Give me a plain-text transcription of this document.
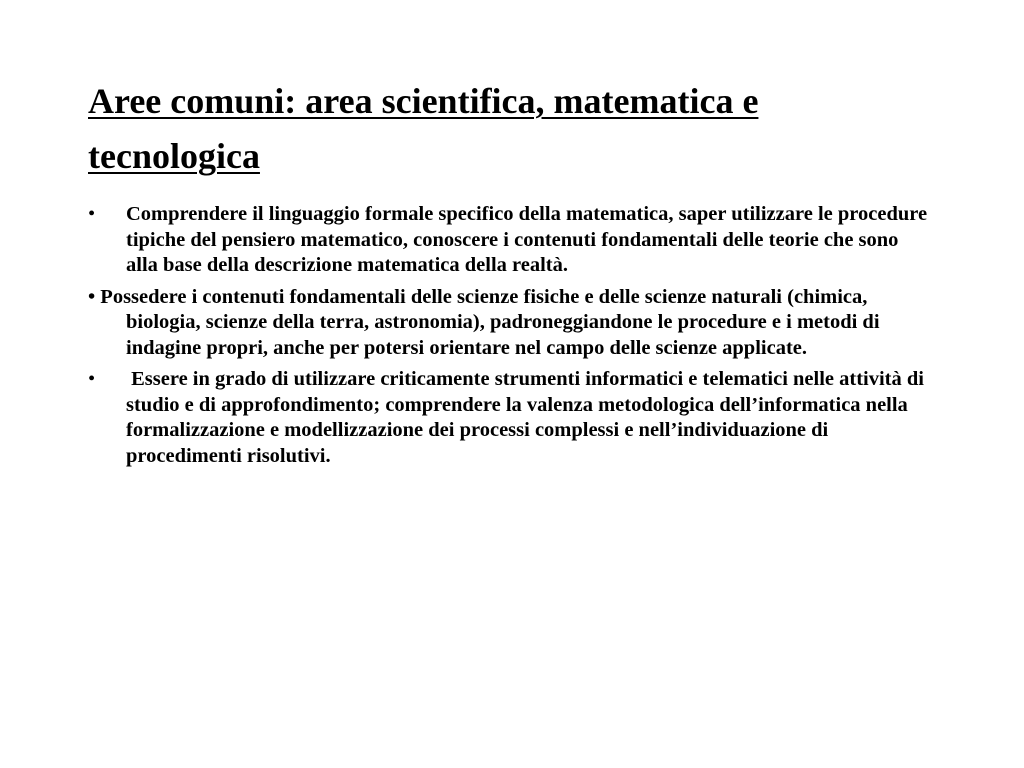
Aree comuni: area scientifica, matematica e tecnologica
• Comprendere il linguaggio formale specifico della matematica, saper utilizzare le procedure tipiche del pensiero matematico, conoscere i contenuti fondamentali delle teorie che sono alla base della descrizione matematica della realtà.
• Possedere i contenuti fondamentali delle scienze fisiche e delle scienze naturali (chimica, biologia, scienze della terra, astronomia), padroneggiandone le procedure e i metodi di indagine propri, anche per potersi orientare nel campo delle scienze applicate.
• Essere in grado di utilizzare criticamente strumenti informatici e telematici nelle attività di studio e di approfondimento; comprendere la valenza metodologica dell’informatica nella formalizzazione e modellizzazione dei processi complessi e nell’individuazione di procedimenti risolutivi.
